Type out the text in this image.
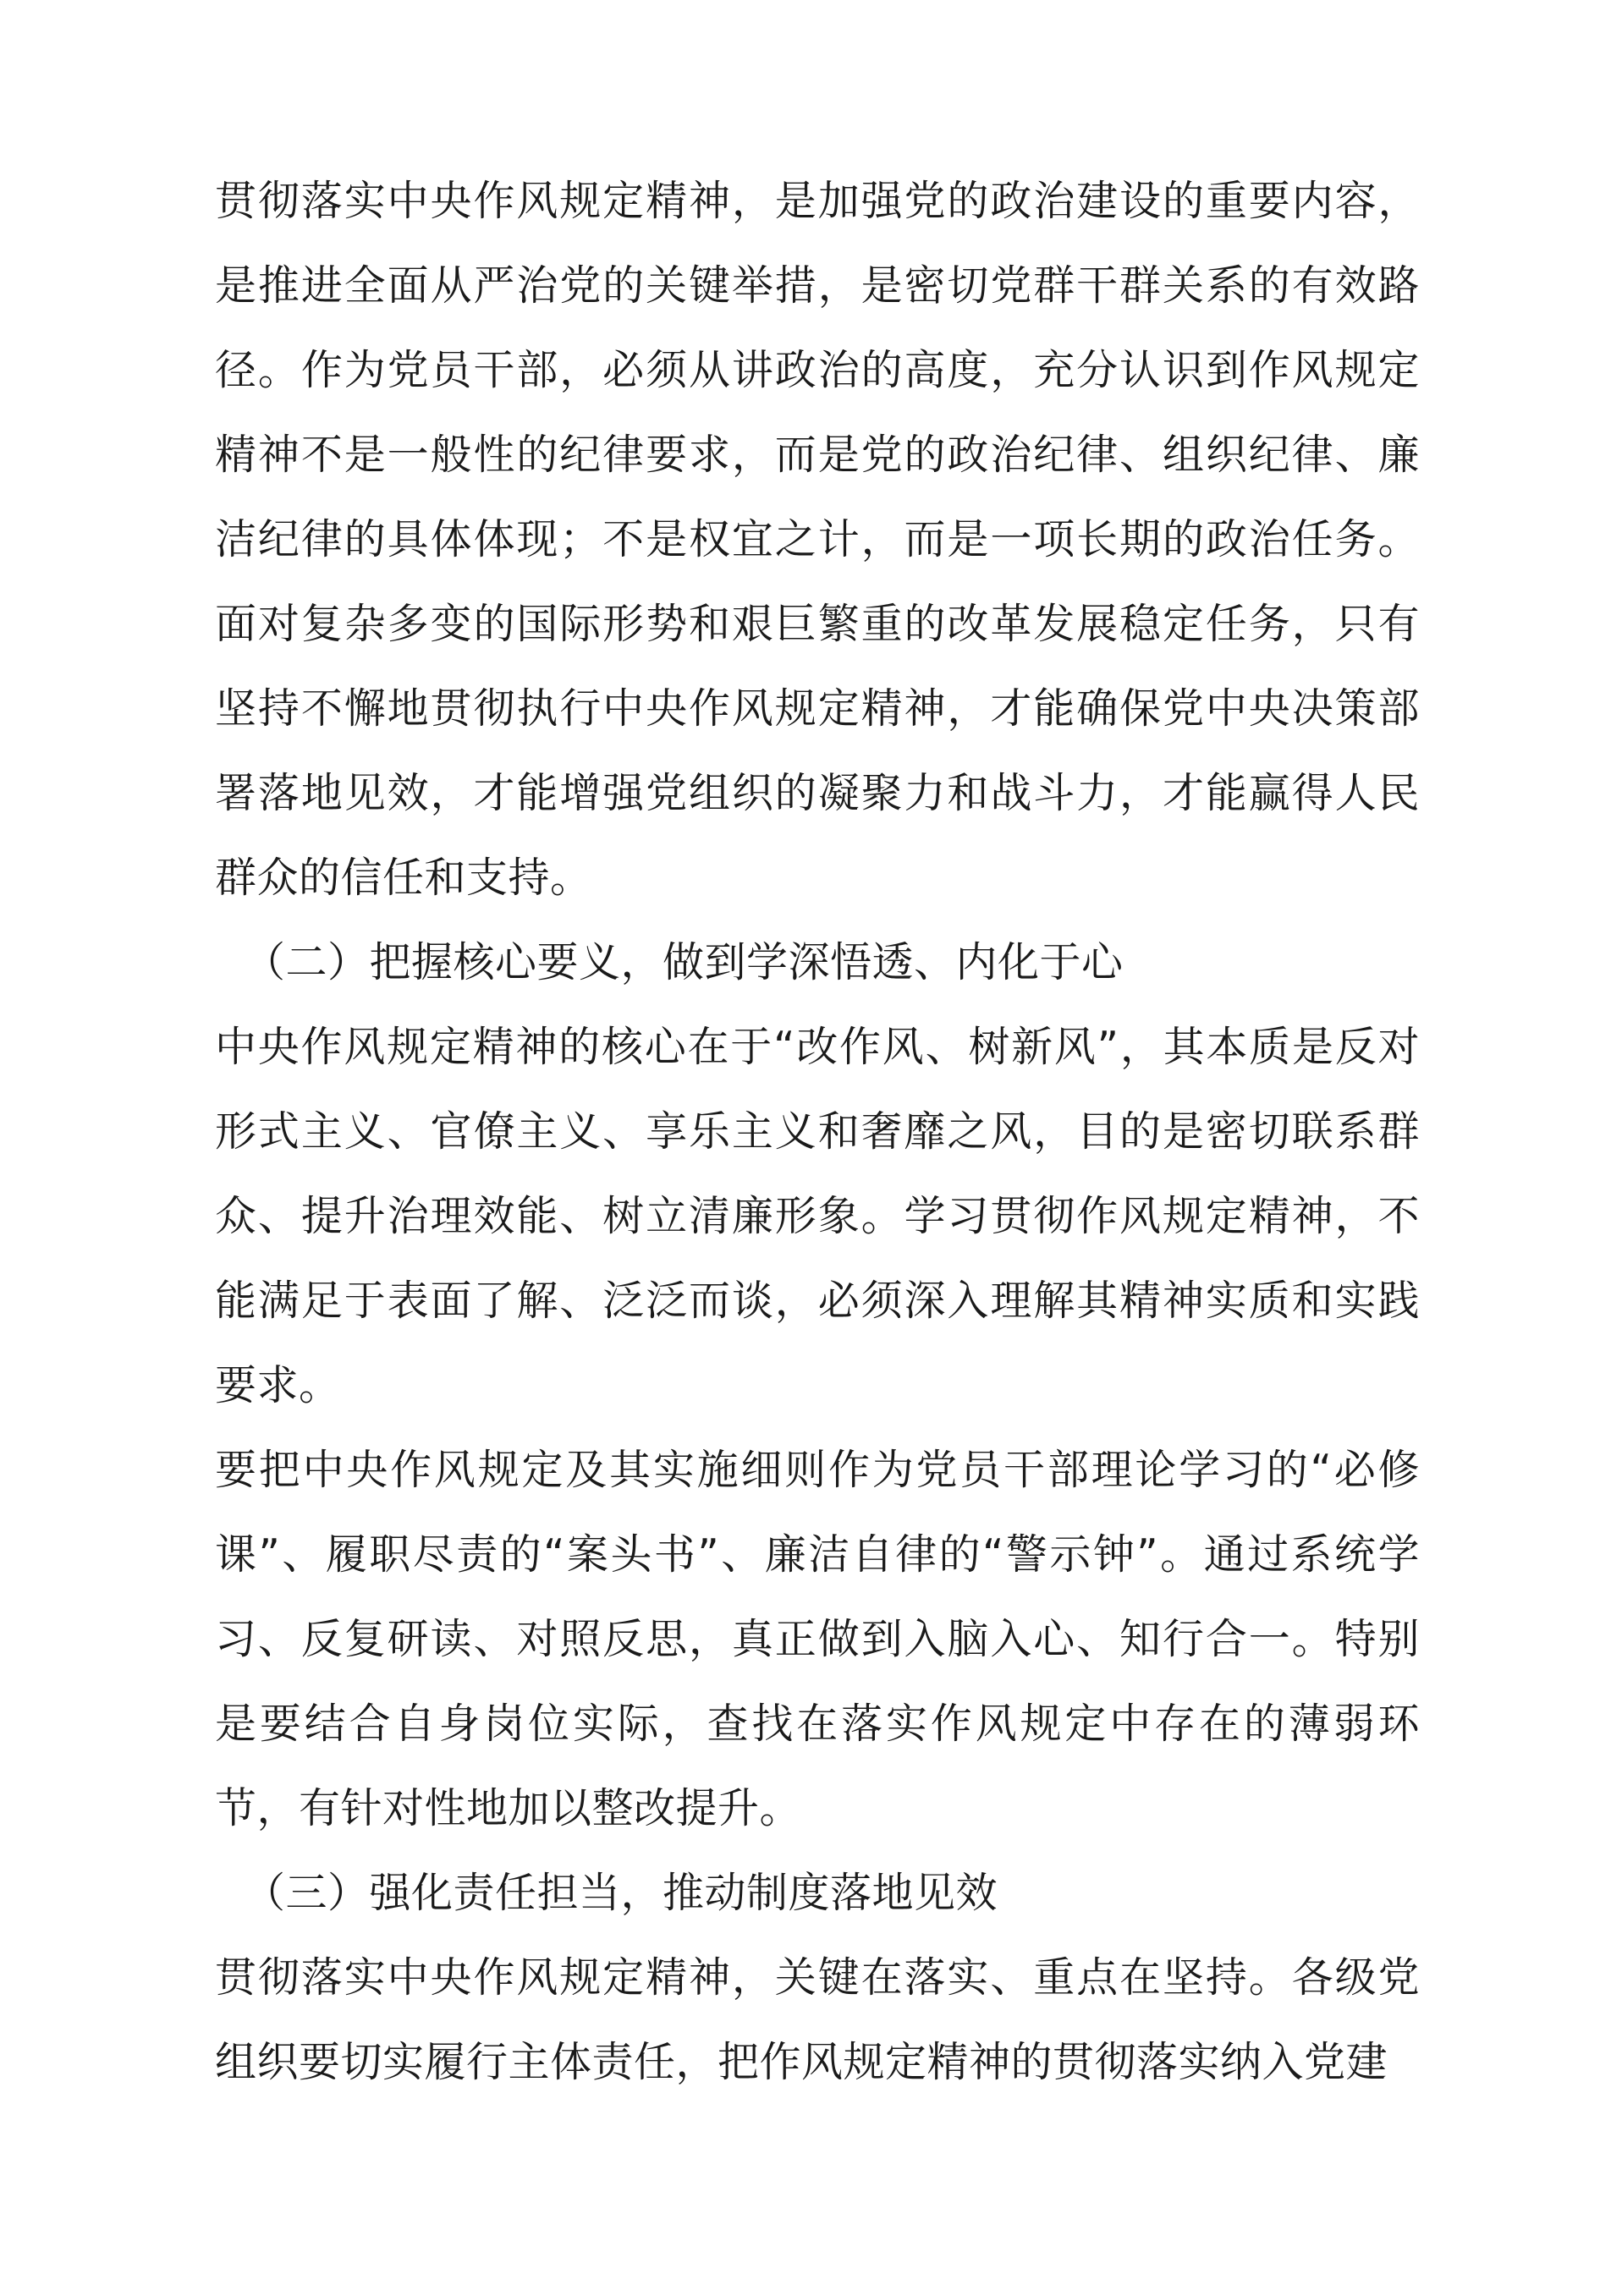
贯彻落实中央作风规定精神，是加强党的政治建设的重要内容，是推进全面从严治党的关键举措，是密切党群干群关系的有效路径。作为党员干部，必须从讲政治的高度，充分认识到作风规定精神不是一般性的纪律要求，而是党的政治纪律、组织纪律、廉洁纪律的具体体现；不是权宜之计，而是一项长期的政治任务。面对复杂多变的国际形势和艰巨繁重的改革发展稳定任务，只有坚持不懈地贯彻执行中央作风规定精神，才能确保党中央决策部署落地见效，才能增强党组织的凝聚力和战斗力，才能赢得人民群众的信任和支持。

（二）把握核心要义，做到学深悟透、内化于心

中央作风规定精神的核心在于“改作风、树新风”，其本质是反对形式主义、官僚主义、享乐主义和奢靡之风，目的是密切联系群众、提升治理效能、树立清廉形象。学习贯彻作风规定精神，不能满足于表面了解、泛泛而谈，必须深入理解其精神实质和实践要求。

要把中央作风规定及其实施细则作为党员干部理论学习的“必修课”、履职尽责的“案头书”、廉洁自律的“警示钟”。通过系统学习、反复研读、对照反思，真正做到入脑入心、知行合一。特别是要结合自身岗位实际，查找在落实作风规定中存在的薄弱环节，有针对性地加以整改提升。

（三）强化责任担当，推动制度落地见效

贯彻落实中央作风规定精神，关键在落实、重点在坚持。各级党组织要切实履行主体责任，把作风规定精神的贯彻落实纳入党建
